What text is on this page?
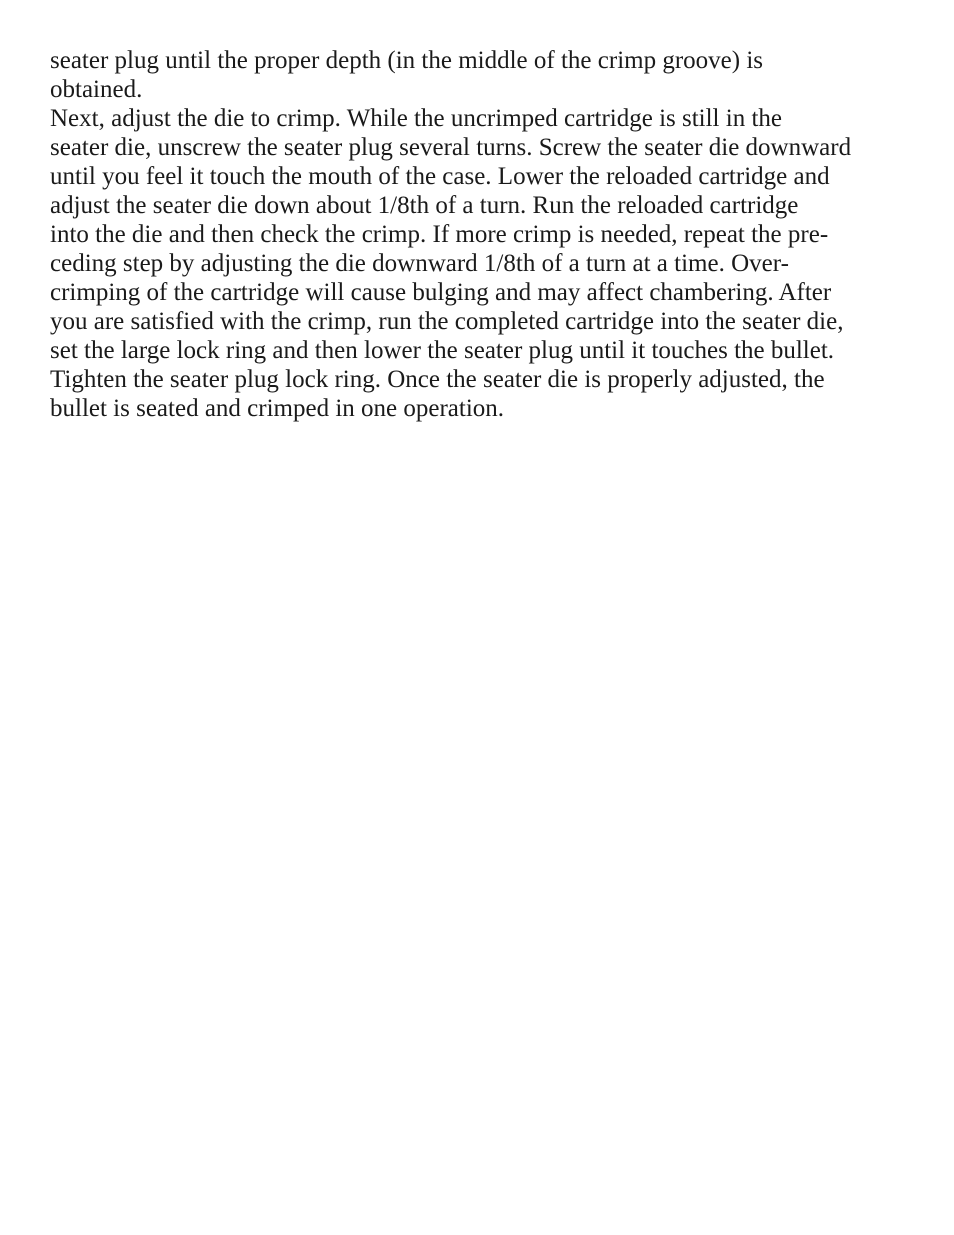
seater plug until the proper depth (in the middle of the crimp groove) is
obtained.
Next, adjust the die to crimp. While the uncrimped cartridge is still in the
seater die, unscrew the seater plug several turns. Screw the seater die downward
until you feel it touch the mouth of the case. Lower the reloaded cartridge and
adjust the seater die down about 1/8th of a turn. Run the reloaded cartridge
into the die and then check the crimp. If more crimp is needed, repeat the pre-
ceding step by adjusting the die downward 1/8th of a turn at a time. Over-
crimping of the cartridge will cause bulging and may affect chambering. After
you are satisfied with the crimp, run the completed cartridge into the seater die,
set the large lock ring and then lower the seater plug until it touches the bullet.
Tighten the seater plug lock ring. Once the seater die is properly adjusted, the
bullet is seated and crimped in one operation.
